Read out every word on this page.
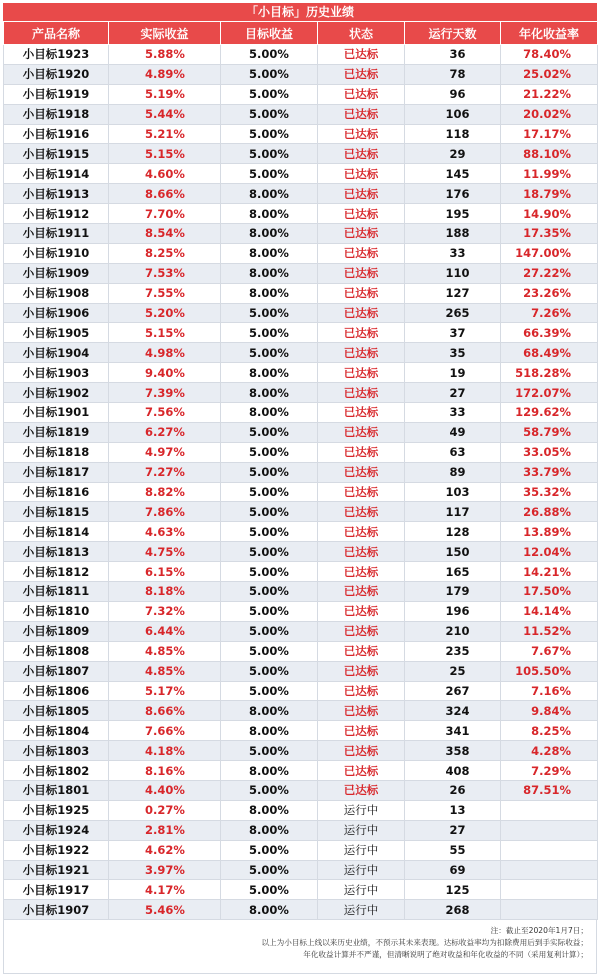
「小目标」历史业绩
产品名称	实际收益	目标收益	状态	运行天数	年化收益率
小目标1923	5.88%	5.00%	已达标	36	78.40%
小目标1920	4.89%	5.00%	已达标	78	25.02%
小目标1919	5.19%	5.00%	已达标	96	21.22%
小目标1918	5.44%	5.00%	已达标	106	20.02%
小目标1916	5.21%	5.00%	已达标	118	17.17%
小目标1915	5.15%	5.00%	已达标	29	88.10%
小目标1914	4.60%	5.00%	已达标	145	11.99%
小目标1913	8.66%	8.00%	已达标	176	18.79%
小目标1912	7.70%	8.00%	已达标	195	14.90%
小目标1911	8.54%	8.00%	已达标	188	17.35%
小目标1910	8.25%	8.00%	已达标	33	147.00%
小目标1909	7.53%	8.00%	已达标	110	27.22%
小目标1908	7.55%	8.00%	已达标	127	23.26%
小目标1906	5.20%	5.00%	已达标	265	7.26%
小目标1905	5.15%	5.00%	已达标	37	66.39%
小目标1904	4.98%	5.00%	已达标	35	68.49%
小目标1903	9.40%	8.00%	已达标	19	518.28%
小目标1902	7.39%	8.00%	已达标	27	172.07%
小目标1901	7.56%	8.00%	已达标	33	129.62%
小目标1819	6.27%	5.00%	已达标	49	58.79%
小目标1818	4.97%	5.00%	已达标	63	33.05%
小目标1817	7.27%	5.00%	已达标	89	33.79%
小目标1816	8.82%	5.00%	已达标	103	35.32%
小目标1815	7.86%	5.00%	已达标	117	26.88%
小目标1814	4.63%	5.00%	已达标	128	13.89%
小目标1813	4.75%	5.00%	已达标	150	12.04%
小目标1812	6.15%	5.00%	已达标	165	14.21%
小目标1811	8.18%	5.00%	已达标	179	17.50%
小目标1810	7.32%	5.00%	已达标	196	14.14%
小目标1809	6.44%	5.00%	已达标	210	11.52%
小目标1808	4.85%	5.00%	已达标	235	7.67%
小目标1807	4.85%	5.00%	已达标	25	105.50%
小目标1806	5.17%	5.00%	已达标	267	7.16%
小目标1805	8.66%	8.00%	已达标	324	9.84%
小目标1804	7.66%	8.00%	已达标	341	8.25%
小目标1803	4.18%	5.00%	已达标	358	4.28%
小目标1802	8.16%	8.00%	已达标	408	7.29%
小目标1801	4.40%	5.00%	已达标	26	87.51%
小目标1925	0.27%	8.00%	运行中	13	
小目标1924	2.81%	8.00%	运行中	27	
小目标1922	4.62%	5.00%	运行中	55	
小目标1921	3.97%	5.00%	运行中	69	
小目标1917	4.17%	5.00%	运行中	125	
小目标1907	5.46%	8.00%	运行中	268	
注：截止至2020年1月7日；
以上为小目标上线以来历史业绩，不预示其未来表现。达标收益率均为扣除费用后到手实际收益；
年化收益计算并不严谨，但清晰说明了绝对收益和年化收益的不同（采用复利计算）；
